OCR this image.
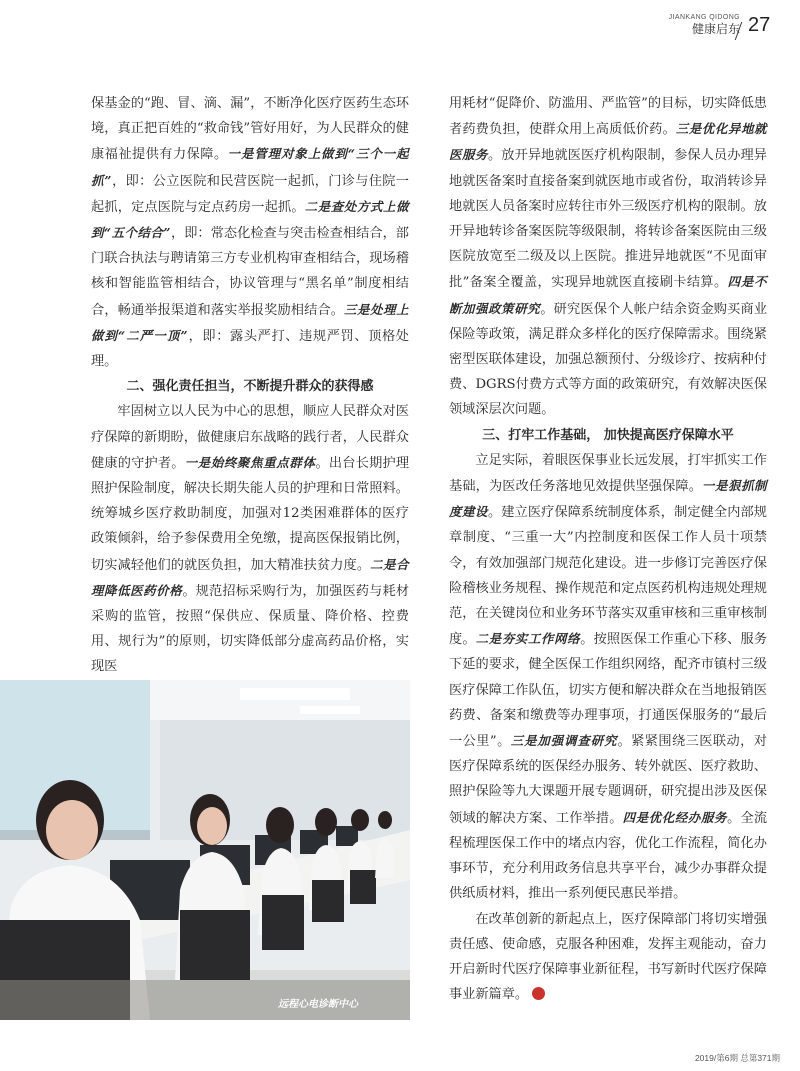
JIANKANG QIDONG
健康启东 27

保基金的“跑、冒、滴、漏”，不断净化医疗医药生态环境，真正把百姓的“救命钱”管好用好，为人民群众的健康福祉提供有力保障。一是管理对象上做到“三个一起抓”，即：公立医院和民营医院一起抓，门诊与住院一起抓，定点医院与定点药房一起抓。二是查处方式上做到“五个结合”，即：常态化检查与突击检查相结合，部门联合执法与聘请第三方专业机构审查相结合，现场稽核和智能监管相结合，协议管理与“黑名单”制度相结合，畅通举报渠道和落实举报奖励相结合。三是处理上做到“二严一顶”，即：露头严打、违规严罚、顶格处理。

二、强化责任担当，不断提升群众的获得感

牢固树立以人民为中心的思想，顺应人民群众对医疗保障的新期盼，做健康启东战略的践行者，人民群众健康的守护者。一是始终聚焦重点群体。出台长期护理照护保险制度，解决长期失能人员的护理和日常照料。统筹城乡医疗救助制度，加强对12类困难群体的医疗政策倾斜，给予参保费用全免缴，提高医保报销比例，切实减轻他们的就医负担，加大精准扶贫力度。二是合理降低医药价格。规范招标采购行为，加强医药与耗材采购的监管，按照“保供应、保质量、降价格、控费用、规行为”的原则，切实降低部分虚高药品价格，实现医

用耗材“促降价、防滥用、严监管”的目标，切实降低患者药费负担，使群众用上高质低价药。三是优化异地就医服务。放开异地就医医疗机构限制，参保人员办理异地就医备案时直接备案到就医地市或省份，取消转诊异地就医人员备案时应转往市外三级医疗机构的限制。放开异地转诊备案医院等级限制，将转诊备案医院由三级医院放宽至二级及以上医院。推进异地就医“不见面审批”备案全覆盖，实现异地就医直接刷卡结算。四是不断加强政策研究。研究医保个人帐户结余资金购买商业保险等政策，满足群众多样化的医疗保障需求。围绕紧密型医联体建设，加强总额预付、分级诊疗、按病种付费、DGRS付费方式等方面的政策研究，有效解决医保领域深层次问题。

三、打牢工作基础， 加快提高医疗保障水平

立足实际，着眼医保事业长远发展，打牢抓实工作基础，为医改任务落地见效提供坚强保障。一是狠抓制度建设。建立医疗保障系统制度体系，制定健全内部规章制度、“三重一大”内控制度和医保工作人员十项禁令，有效加强部门规范化建设。进一步修订完善医疗保险稽核业务规程、操作规范和定点医药机构违规处理规范，在关键岗位和业务环节落实双重审核和三重审核制度。二是夯实工作网络。按照医保工作重心下移、服务下延的要求，健全医保工作组织网络，配齐市镇村三级医疗保障工作队伍，切实方便和解决群众在当地报销医药费、备案和缴费等办理事项，打通医保服务的“最后一公里”。三是加强调查研究。紧紧围绕三医联动，对医疗保障系统的医保经办服务、转外就医、医疗救助、照护保险等九大课题开展专题调研，研究提出涉及医保领域的解决方案、工作举措。四是优化经办服务。全流程梳理医保工作中的堵点内容，优化工作流程，简化办事环节，充分利用政务信息共享平台，减少办事群众提供纸质材料，推出一系列便民惠民举措。

在改革创新的新起点上，医疗保障部门将切实增强责任感、使命感，克服各种困难，发挥主观能动，奋力开启新时代医疗保障事业新征程，书写新时代医疗保障事业新篇章。

远程心电诊断中心
2019/第6期 总第371期
